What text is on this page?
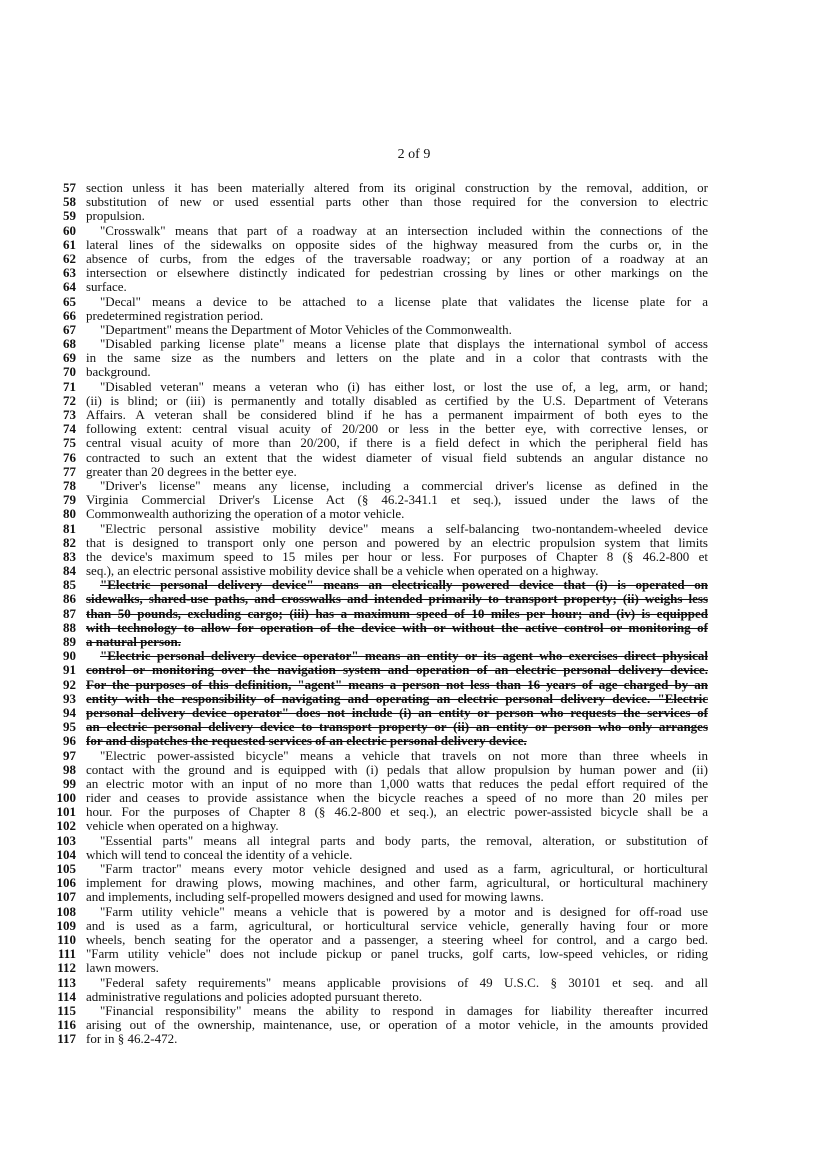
2 of 9
57 section unless it has been materially altered from its original construction by the removal, addition, or
58 substitution of new or used essential parts other than those required for the conversion to electric
59 propulsion.
60	"Crosswalk" means that part of a roadway at an intersection included within the connections of the
61 lateral lines of the sidewalks on opposite sides of the highway measured from the curbs or, in the
62 absence of curbs, from the edges of the traversable roadway; or any portion of a roadway at an
63 intersection or elsewhere distinctly indicated for pedestrian crossing by lines or other markings on the
64 surface.
65	"Decal" means a device to be attached to a license plate that validates the license plate for a
66 predetermined registration period.
67	"Department" means the Department of Motor Vehicles of the Commonwealth.
68	"Disabled parking license plate" means a license plate that displays the international symbol of access
69 in the same size as the numbers and letters on the plate and in a color that contrasts with the
70 background.
71	"Disabled veteran" means a veteran who (i) has either lost, or lost the use of, a leg, arm, or hand;
72 (ii) is blind; or (iii) is permanently and totally disabled as certified by the U.S. Department of Veterans
73 Affairs. A veteran shall be considered blind if he has a permanent impairment of both eyes to the
74 following extent: central visual acuity of 20/200 or less in the better eye, with corrective lenses, or
75 central visual acuity of more than 20/200, if there is a field defect in which the peripheral field has
76 contracted to such an extent that the widest diameter of visual field subtends an angular distance no
77 greater than 20 degrees in the better eye.
78	"Driver's license" means any license, including a commercial driver's license as defined in the
79 Virginia Commercial Driver's License Act (§ 46.2-341.1 et seq.), issued under the laws of the
80 Commonwealth authorizing the operation of a motor vehicle.
81	"Electric personal assistive mobility device" means a self-balancing two-nontandem-wheeled device
82 that is designed to transport only one person and powered by an electric propulsion system that limits
83 the device's maximum speed to 15 miles per hour or less. For purposes of Chapter 8 (§ 46.2-800 et
84 seq.), an electric personal assistive mobility device shall be a vehicle when operated on a highway.
85	"Electric personal delivery device" means an electrically powered device that (i) is operated on
86 sidewalks, shared-use paths, and crosswalks and intended primarily to transport property; (ii) weighs less
87 than 50 pounds, excluding cargo; (iii) has a maximum speed of 10 miles per hour; and (iv) is equipped
88 with technology to allow for operation of the device with or without the active control or monitoring of
89 a natural person.
90	"Electric personal delivery device operator" means an entity or its agent who exercises direct physical
91 control or monitoring over the navigation system and operation of an electric personal delivery device.
92 For the purposes of this definition, "agent" means a person not less than 16 years of age charged by an
93 entity with the responsibility of navigating and operating an electric personal delivery device. "Electric
94 personal delivery device operator" does not include (i) an entity or person who requests the services of
95 an electric personal delivery device to transport property or (ii) an entity or person who only arranges
96 for and dispatches the requested services of an electric personal delivery device.
97	"Electric power-assisted bicycle" means a vehicle that travels on not more than three wheels in
98 contact with the ground and is equipped with (i) pedals that allow propulsion by human power and (ii)
99 an electric motor with an input of no more than 1,000 watts that reduces the pedal effort required of the
100 rider and ceases to provide assistance when the bicycle reaches a speed of no more than 20 miles per
101 hour. For the purposes of Chapter 8 (§ 46.2-800 et seq.), an electric power-assisted bicycle shall be a
102 vehicle when operated on a highway.
103	"Essential parts" means all integral parts and body parts, the removal, alteration, or substitution of
104 which will tend to conceal the identity of a vehicle.
105	"Farm tractor" means every motor vehicle designed and used as a farm, agricultural, or horticultural
106 implement for drawing plows, mowing machines, and other farm, agricultural, or horticultural machinery
107 and implements, including self-propelled mowers designed and used for mowing lawns.
108	"Farm utility vehicle" means a vehicle that is powered by a motor and is designed for off-road use
109 and is used as a farm, agricultural, or horticultural service vehicle, generally having four or more
110 wheels, bench seating for the operator and a passenger, a steering wheel for control, and a cargo bed.
111 "Farm utility vehicle" does not include pickup or panel trucks, golf carts, low-speed vehicles, or riding
112 lawn mowers.
113	"Federal safety requirements" means applicable provisions of 49 U.S.C. § 30101 et seq. and all
114 administrative regulations and policies adopted pursuant thereto.
115	"Financial responsibility" means the ability to respond in damages for liability thereafter incurred
116 arising out of the ownership, maintenance, use, or operation of a motor vehicle, in the amounts provided
117 for in § 46.2-472.
